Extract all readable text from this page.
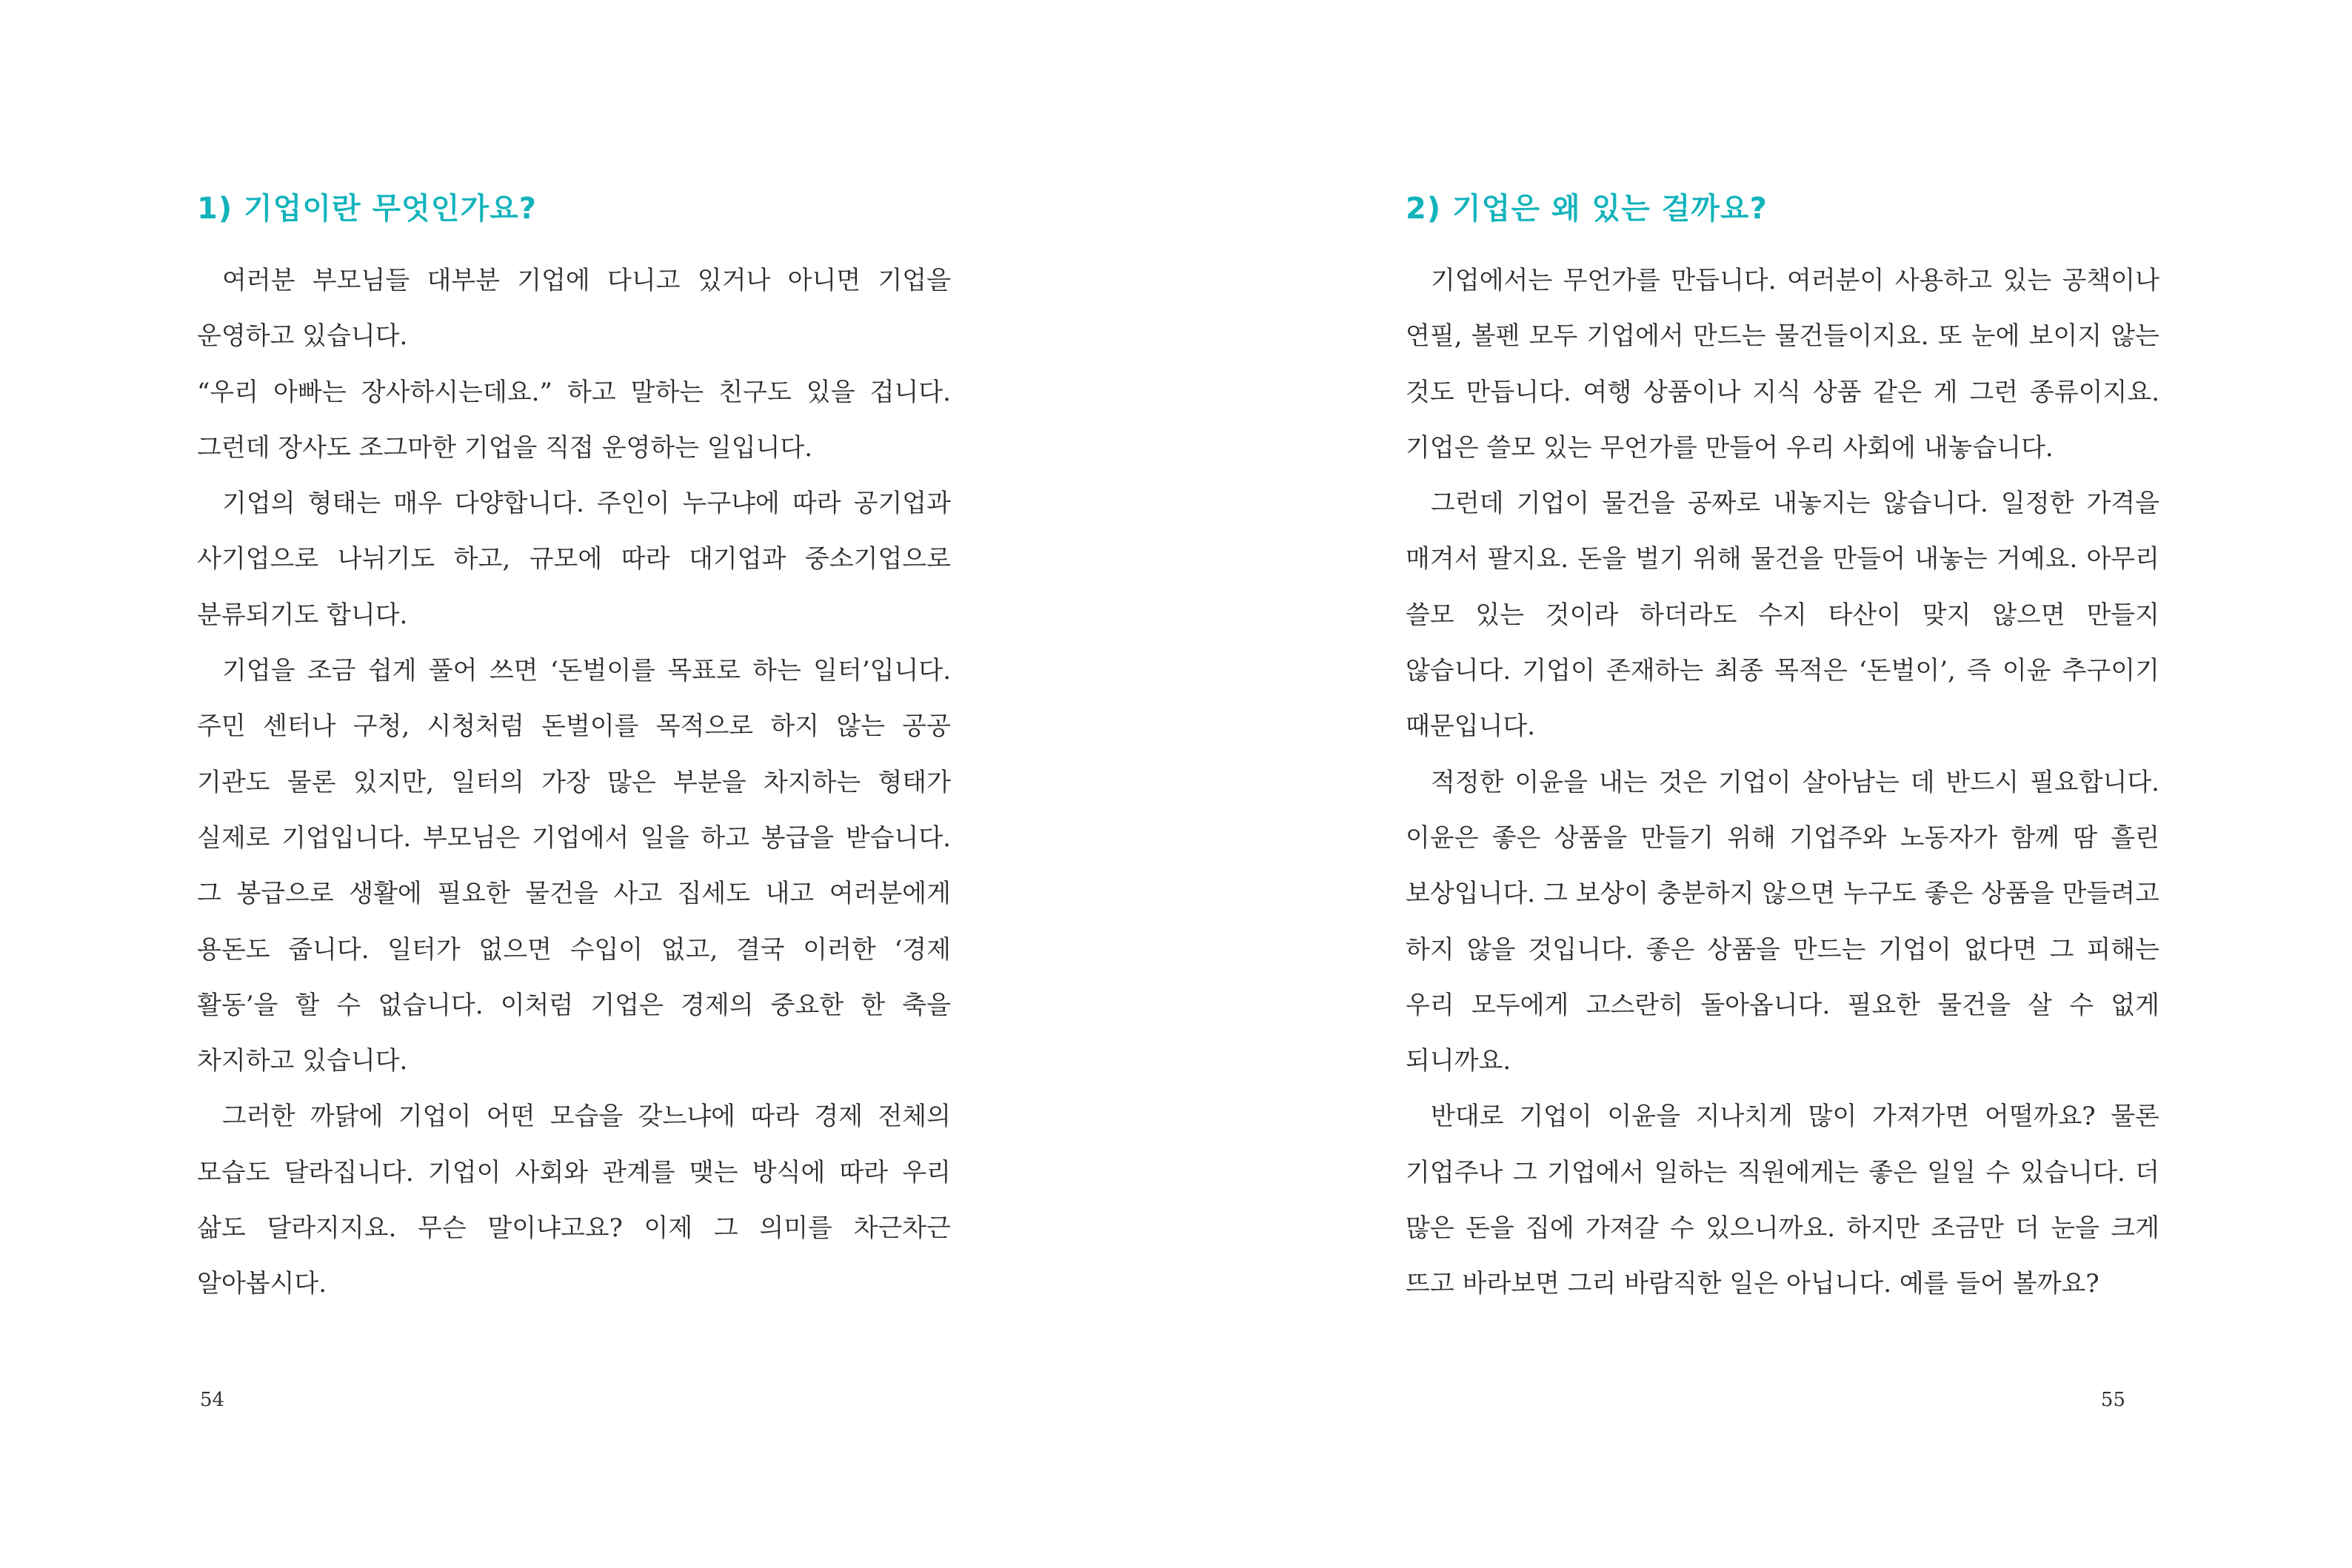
1) 기업이란 무엇인가요?

여러분 부모님들 대부분 기업에 다니고 있거나 아니면 기업을 운영하고 있습니다.

“우리 아빠는 장사하시는데요.” 하고 말하는 친구도 있을 겁니다. 그런데 장사도 조그마한 기업을 직접 운영하는 일입니다.

기업의 형태는 매우 다양합니다. 주인이 누구냐에 따라 공기업과 사기업으로 나뉘기도 하고, 규모에 따라 대기업과 중소기업으로 분류되기도 합니다.

기업을 조금 쉽게 풀어 쓰면 ‘돈벌이를 목표로 하는 일터’입니다. 주민 센터나 구청, 시청처럼 돈벌이를 목적으로 하지 않는 공공 기관도 물론 있지만, 일터의 가장 많은 부분을 차지하는 형태가 실제로 기업입니다. 부모님은 기업에서 일을 하고 봉급을 받습니다. 그 봉급으로 생활에 필요한 물건을 사고 집세도 내고 여러분에게 용돈도 줍니다. 일터가 없으면 수입이 없고, 결국 이러한 ‘경제 활동’을 할 수 없습니다. 이처럼 기업은 경제의 중요한 한 축을 차지하고 있습니다.

그러한 까닭에 기업이 어떤 모습을 갖느냐에 따라 경제 전체의 모습도 달라집니다. 기업이 사회와 관계를 맺는 방식에 따라 우리 삶도 달라지지요. 무슨 말이냐고요? 이제 그 의미를 차근차근 알아봅시다.

54
2) 기업은 왜 있는 걸까요?

기업에서는 무언가를 만듭니다. 여러분이 사용하고 있는 공책이나 연필, 볼펜 모두 기업에서 만드는 물건들이지요. 또 눈에 보이지 않는 것도 만듭니다. 여행 상품이나 지식 상품 같은 게 그런 종류이지요. 기업은 쓸모 있는 무언가를 만들어 우리 사회에 내놓습니다.

그런데 기업이 물건을 공짜로 내놓지는 않습니다. 일정한 가격을 매겨서 팔지요. 돈을 벌기 위해 물건을 만들어 내놓는 거예요. 아무리 쓸모 있는 것이라 하더라도 수지 타산이 맞지 않으면 만들지 않습니다. 기업이 존재하는 최종 목적은 ‘돈벌이’, 즉 이윤 추구이기 때문입니다.

적정한 이윤을 내는 것은 기업이 살아남는 데 반드시 필요합니다. 이윤은 좋은 상품을 만들기 위해 기업주와 노동자가 함께 땀 흘린 보상입니다. 그 보상이 충분하지 않으면 누구도 좋은 상품을 만들려고 하지 않을 것입니다. 좋은 상품을 만드는 기업이 없다면 그 피해는 우리 모두에게 고스란히 돌아옵니다. 필요한 물건을 살 수 없게 되니까요.

반대로 기업이 이윤을 지나치게 많이 가져가면 어떨까요? 물론 기업주나 그 기업에서 일하는 직원에게는 좋은 일일 수 있습니다. 더 많은 돈을 집에 가져갈 수 있으니까요. 하지만 조금만 더 눈을 크게 뜨고 바라보면 그리 바람직한 일은 아닙니다. 예를 들어 볼까요?

55
